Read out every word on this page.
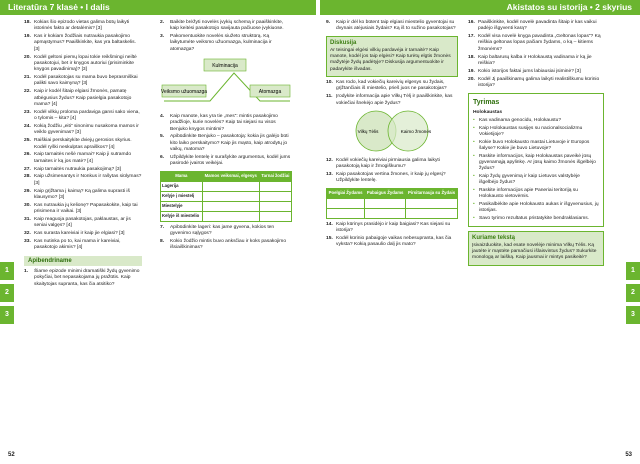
Literatūra 7 klasė • I dalis	Akistatos su istorija • 2 skyrius
18. Kokias šio epizodo vietas galima būtų laikyti istorinės fakto ar detalėmis? [3]
19. Kas ir kokiam žodžiais nutraukia pasakojimo apmąstymus? Paaiškinkite, kas yra baltaskelis. [3]
20. Kodėl geltoni piemų lopai tokie reikšmingi neiltė pasakotojui, bet ir knygos autoriui (prisiminkite knygos pavadinimą)? [3]
21. Kodėl pasakotojas su mama buvo beprasmiškai palikti savo kaimyną? [3]
22. Kaip ir kodėl šitaip elgiasi žmonės, pamatę atbėgusius žydus? Kaip pasielgia pasakotojo mama? [4]
23. Kodėl vilkių proloma pardaviga gansi sako viena, o tylomis – kita? [4]
24. Kokią žodžiu „eiti“ sinonimu nusakoma mamos ir veiklo gyvenimas? [3]
25. Raiškiai perskaitykite dviejų gerosios skyrius. Kodėl ryški neskulptas apraiškos? [4]
26. Kaip tarnaitės nešė mamai? Kaip ji sutramdo tarnaites ir ką jos matė? [4]
27. Kaip tarnaitės nutraukia pasakojimą? [3]
28. Kaip užsimenantys ir Nonkus ir rašytas siūlymas? [3]
29. Kaip grįžtama į kaimą? Ką galima suprasti iš klausymo? [3]
30. Kas nutraukia jų kelionę? Papasakokite, kaip tai prisimena ir vaikai. [3]
31. Kaip reaguoja pasakotojas, paklaustas, ar jis seniai valgęs? [4]
32. Kas surasta kareiviai ir kaip jie elgiasi? [3]
33. Kas nutinka po to, kai mama ir kareiviai, pasakotojo akimis? [4]
Apibendriname
1.	Šiame epizode minimi dramatiški žydų gyvenimo pokyčiai, bet nepasakojama jų pražūtis. Kaip skaitytojas supranta, kas čia atsitiko?
2.	Baikite brėžyti novelės įvykių schemą ir paaiškinkite, kaip keitėsi pasakotojo savijauta pačiuose įvykiuose.
3.	Pakomentuokite novelės siužeto struktūrą. Ką laikytumėte veiksmo užuomazga, kulminacija ir atomazga?
Kulminacija
Veiksmo užuomazga	Atomazga
4.	Kaip manote, kas yra tie „mes“: mintis pasakojimo pradžioje, kurie novelės? Kaip tai siejasi su visos Benjuko knygos mintimi?
5.	Apibūdinkite Benjuko – pasakotoją: kokia jis galėjo būti kito laiko perskaitymo? Kaip jis mąsto, kaip atrodytų jo vaikų, matoma?
6.	Užpildykite lentelę ir surašykite argumentus, kodėl jums pasirodė įvairūs veikėjai.
Mama	Mamos veiksmai, elgesys	Tarnai žodžiai
Lagerija		
Kelyje į miestelį		
Miestelyje		
Kelyje iš miestelio		
7.	Apibūdinkite lageri: kas jame gyvena, kokios ten gyvenimo sąlygos?
8.	Kokio žodžio mintis buvo anksčiau ir koks pasakojimo išsiaiškinimas?
9.	Kaip ir dėl ko būtent taip elgiasi miestelio gyventojai su dvynais atėjusiais žydais? Ką iš to sužino pasakotojas?
Diskusija
Ar teisingai elgėsi vilkių pardavėja ir tarnaitė? Kaip manote, kodėl jos taip elgėsi? Kaip turėtų elgtis žmonės mažytėje žydų padėtyje? Diskusija argumentuokite ir padarykite išvadas.
10. Kas rodo, kad vokiečių kareivių elgesys su žydais, grįžtančiais iš miestelio, prieš juos ne pasakotojas?
11. Įrodykite informacija apie Vilkų Tėlį ir paaiškinkite, kas vokiečiai šnekėjo apie žydus?
Vilkų Tėlis	Kaimo žmonės
12. Kodėl vokiečių kareiviai pirmiausia galima laikyti pasakotoją kaip ir žmogiškumu?
13. Kaip pasakotojas vertina žmones, ir kaip jų elgesį? Užpildykite lentelę.
Poelgiai Žydams	Pabaigus Žydams	Pirsitarnauja su Žydais

14. Kaip kūrinys prasidėjo ir kaip baigiasi? Kas siejasi su istorija?
15. Kodėl kūrinio pabaigoje vaikas nebesupranta, kas čia vyksta? Kokią pasaulio dalį jis mato?
16. Paaiškinkite, kodėl novelė pavadinta šitaip ir kas vaikui padėjo išgyventi karą?
17. Kodėl visa novelė knyga pavadinta „Geltonas lopas“? Ką reiškia geltonas lopas pačiam žydams, o ką – kitiems žmonėms?
18. Kaip baltarusų kalba ir Holokaustą vadinama ir ką jie reiškia?
19. Kokio istorijos faktai jums labiausiai įsiminė? [3]
20. Kodėl Jį paaiškinamų galima laikyti realistiškumu kūrinio istorija?
Tyrimas
Holokaustas
• Kas vadinama genocidu, Holokaustu?
• Kaip Holokaustas susijęs su nacionalsocializmu Vokietijoje?
• Kokie buvo Holokausto mastai Lietuvoje ir Europos šalyse? Kokie jie buvo Lietuvoje?
• Raskite informacijos, kaip Holokaustas paveikė jūsų gyvenamąją apylinkę. Ar jūsų kaimo žmonės išgelbėjo žydus?
• Kaip žydų gyvenimą ir kaip Lietuvos valstybėje išgelbėjo žydus?
• Raskite informacijos apie Paneriai teritoriją su Holokausto vietovėmis.
• Pasikalbėkite apie Holokausto aukas ir išgyvenusius, jų istorijas.
• Savo tyrimo rezultatus pristatykite bendraklasiams.
Kuriame tekstą
Įsivaizduokite, kad esate novelėje minima Vilkų Tėlis. Ką jautėte ir mąstėte pamačiusi išlaisvintus žydus? Sukurkite monologą ar laišką. Kaip jausmai ir mintys pasikeitė?
1
2
3
1
2
3
52	53
